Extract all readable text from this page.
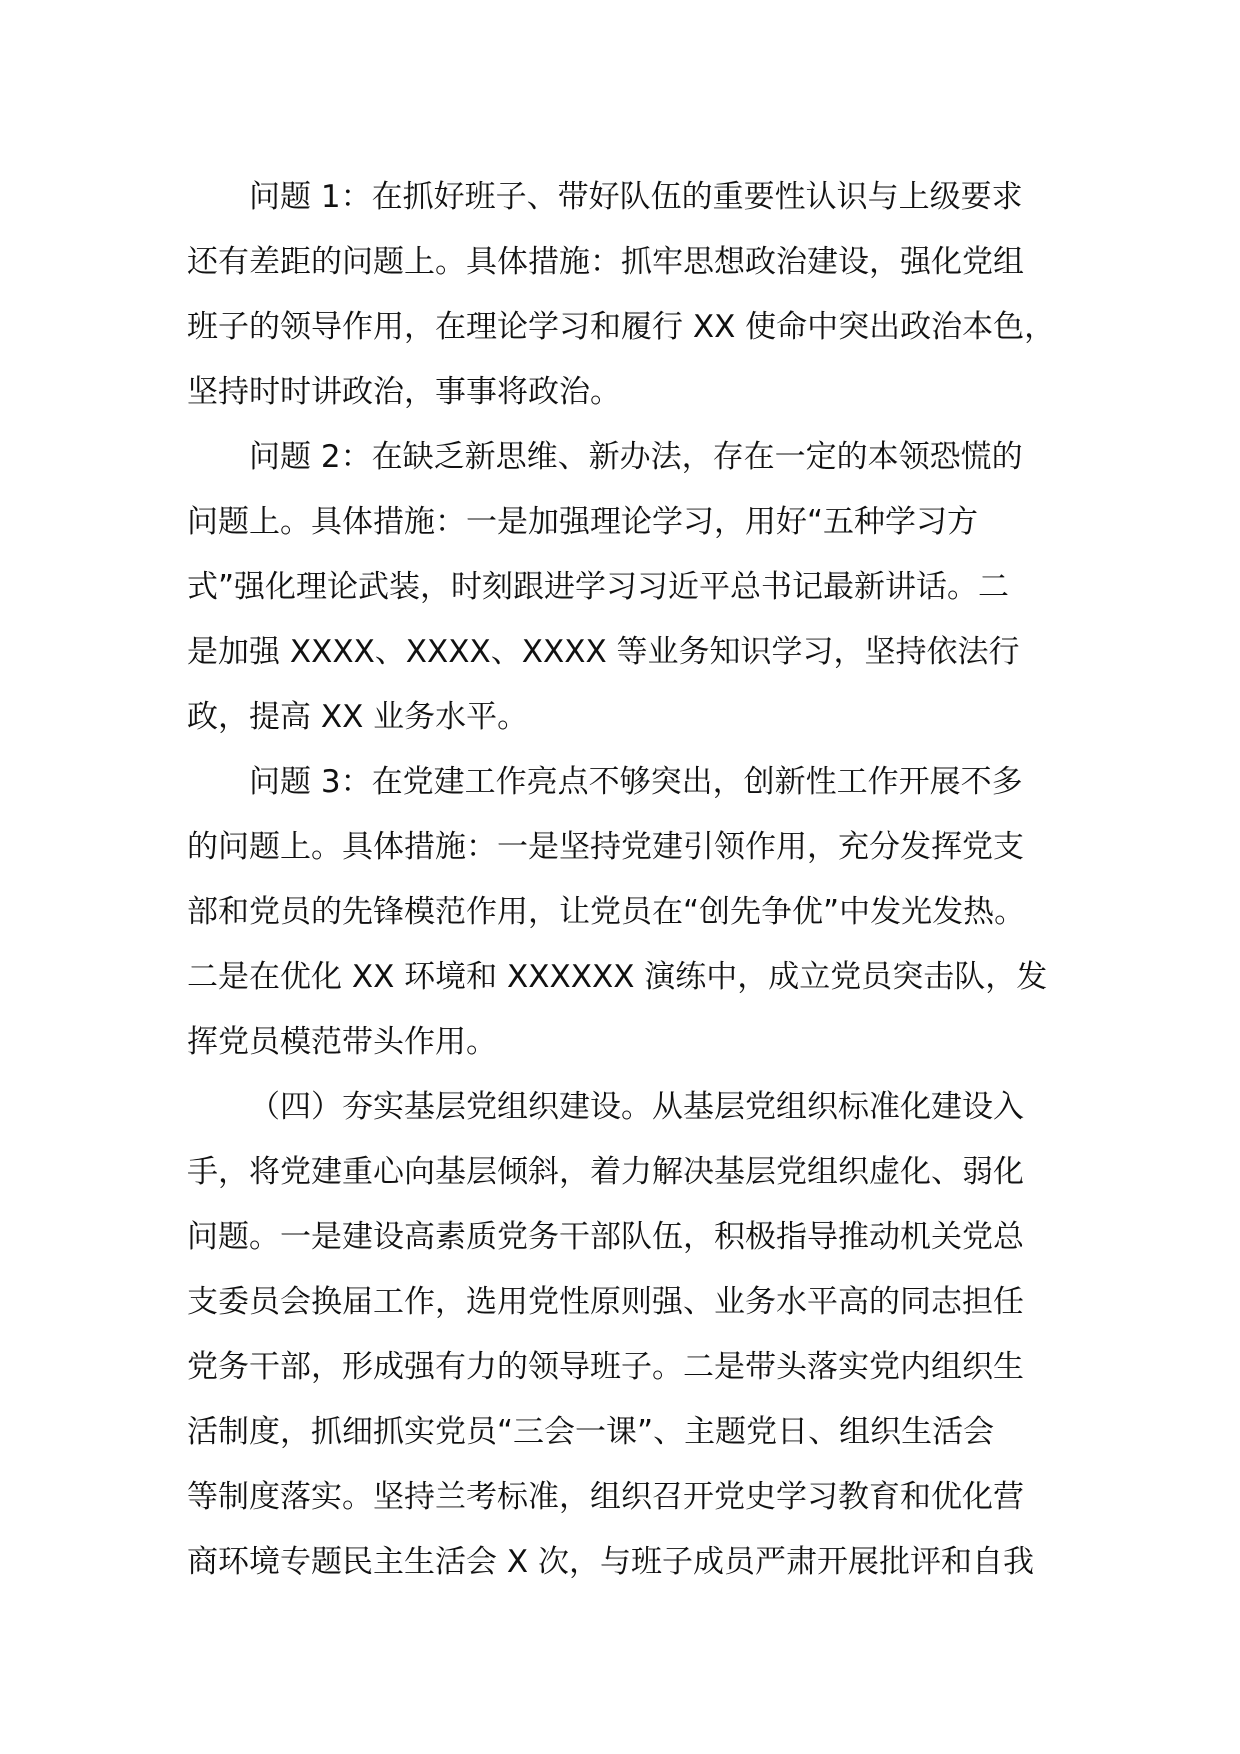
问题 1：在抓好班子、带好队伍的重要性认识与上级要求
还有差距的问题上。具体措施：抓牢思想政治建设，强化党组
班子的领导作用，在理论学习和履行 XX 使命中突出政治本色，
坚持时时讲政治，事事将政治。
问题 2：在缺乏新思维、新办法，存在一定的本领恐慌的
问题上。具体措施：一是加强理论学习，用好“五种学习方
式”强化理论武装，时刻跟进学习习近平总书记最新讲话。二
是加强 XXXX、XXXX、XXXX 等业务知识学习，坚持依法行
政，提高 XX 业务水平。
问题 3：在党建工作亮点不够突出，创新性工作开展不多
的问题上。具体措施：一是坚持党建引领作用，充分发挥党支
部和党员的先锋模范作用，让党员在“创先争优”中发光发热。
二是在优化 XX 环境和 XXXXXX 演练中，成立党员突击队，发
挥党员模范带头作用。
（四）夯实基层党组织建设。从基层党组织标准化建设入
手，将党建重心向基层倾斜，着力解决基层党组织虚化、弱化
问题。一是建设高素质党务干部队伍，积极指导推动机关党总
支委员会换届工作，选用党性原则强、业务水平高的同志担任
党务干部，形成强有力的领导班子。二是带头落实党内组织生
活制度，抓细抓实党员“三会一课”、主题党日、组织生活会
等制度落实。坚持兰考标准，组织召开党史学习教育和优化营
商环境专题民主生活会 X 次，与班子成员严肃开展批评和自我
